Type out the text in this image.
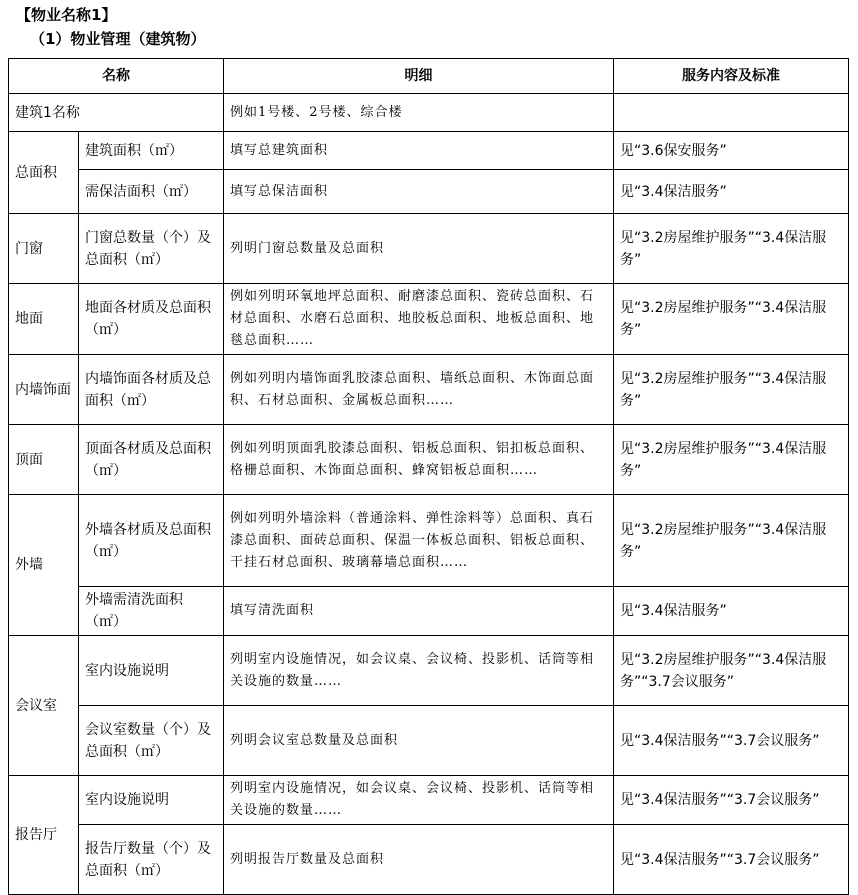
【物业名称1】
（1）物业管理（建筑物）
名称		明细	服务内容及标准
建筑1名称		例如1号楼、2号楼、综合楼	
总面积	建筑面积（㎡）	填写总建筑面积	见“3.6保安服务”
	需保洁面积（㎡）	填写总保洁面积	见“3.4保洁服务”
门窗	门窗总数量（个）及总面积（㎡）	列明门窗总数量及总面积	见“3.2房屋维护服务”“3.4保洁服务”
地面	地面各材质及总面积（㎡）	例如列明环氧地坪总面积、耐磨漆总面积、瓷砖总面积、石材总面积、水磨石总面积、地胶板总面积、地板总面积、地毯总面积……	见“3.2房屋维护服务”“3.4保洁服务”
内墙饰面	内墙饰面各材质及总面积（㎡）	例如列明内墙饰面乳胶漆总面积、墙纸总面积、木饰面总面积、石材总面积、金属板总面积……	见“3.2房屋维护服务”“3.4保洁服务”
顶面	顶面各材质及总面积（㎡）	例如列明顶面乳胶漆总面积、铝板总面积、铝扣板总面积、格栅总面积、木饰面总面积、蜂窝铝板总面积……	见“3.2房屋维护服务”“3.4保洁服务”
外墙	外墙各材质及总面积（㎡）	例如列明外墙涂料（普通涂料、弹性涂料等）总面积、真石漆总面积、面砖总面积、保温一体板总面积、铝板总面积、干挂石材总面积、玻璃幕墙总面积……	见“3.2房屋维护服务”“3.4保洁服务”
	外墙需清洗面积（㎡）	填写清洗面积	见“3.4保洁服务”
会议室	室内设施说明	列明室内设施情况，如会议桌、会议椅、投影机、话筒等相关设施的数量……	见“3.2房屋维护服务”“3.4保洁服务”“3.7会议服务”
	会议室数量（个）及总面积（㎡）	列明会议室总数量及总面积	见“3.4保洁服务”“3.7会议服务”
报告厅	室内设施说明	列明室内设施情况，如会议桌、会议椅、投影机、话筒等相关设施的数量……	见“3.4保洁服务”“3.7会议服务”
	报告厅数量（个）及总面积（㎡）	列明报告厅数量及总面积	见“3.4保洁服务”“3.7会议服务”
